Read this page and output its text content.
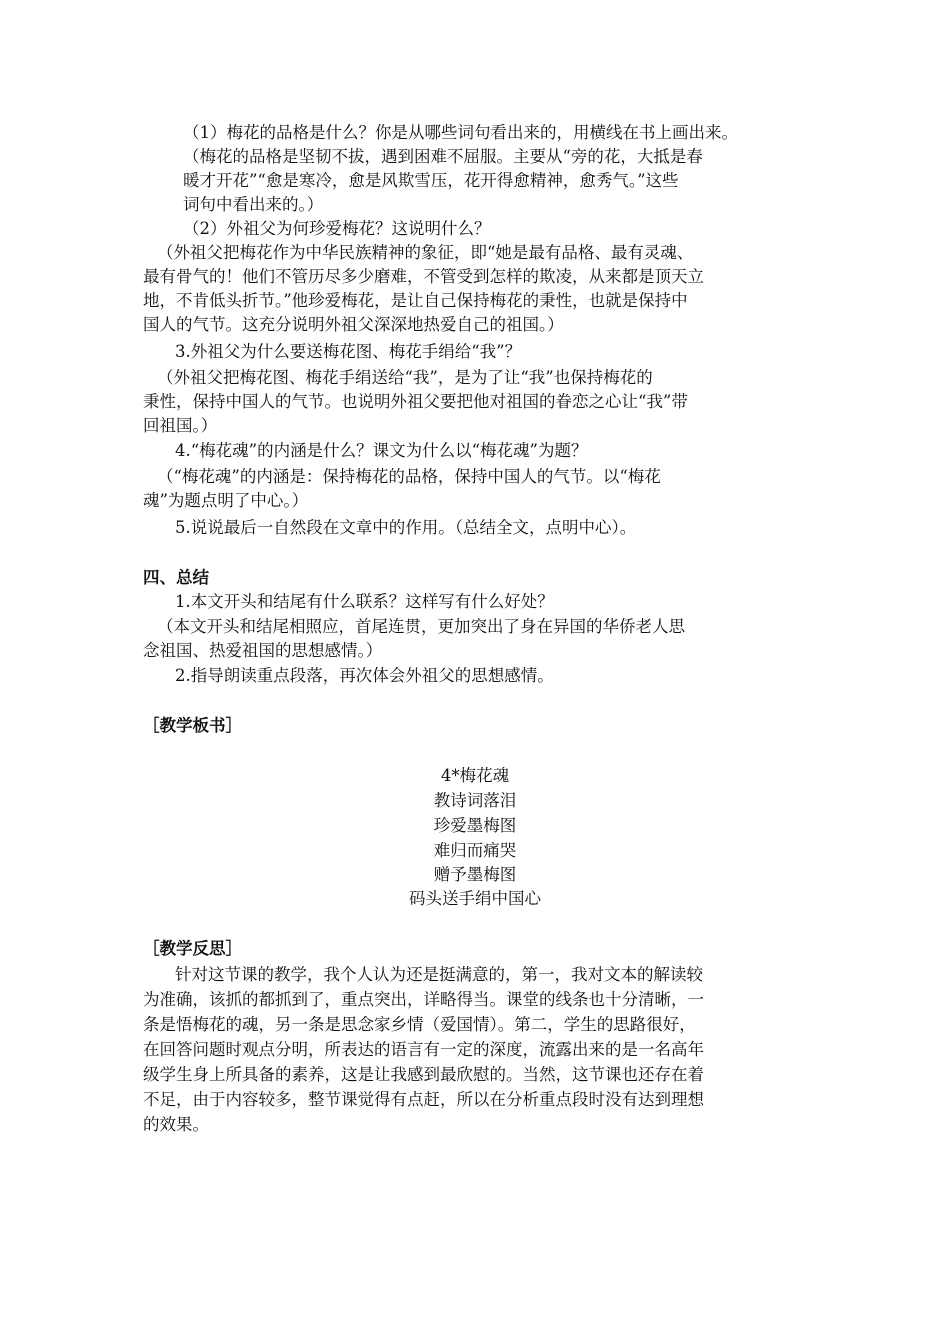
（1）梅花的品格是什么？你是从哪些词句看出来的，用横线在书上画出来。
（梅花的品格是坚韧不拔，遇到困难不屈服。主要从“旁的花，大抵是春
暖才开花”“愈是寒冷，愈是风欺雪压，花开得愈精神，愈秀气。”这些
词句中看出来的。）
（2）外祖父为何珍爱梅花？这说明什么？
（外祖父把梅花作为中华民族精神的象征，即“她是最有品格、最有灵魂、
最有骨气的！他们不管历尽多少磨难，不管受到怎样的欺凌，从来都是顶天立
地，不肯低头折节。”他珍爱梅花，是让自己保持梅花的秉性，也就是保持中
国人的气节。这充分说明外祖父深深地热爱自己的祖国。）
3.外祖父为什么要送梅花图、梅花手绢给“我”？
（外祖父把梅花图、梅花手绢送给“我”，是为了让“我”也保持梅花的
秉性，保持中国人的气节。也说明外祖父要把他对祖国的眷恋之心让“我”带
回祖国。）
4.“梅花魂”的内涵是什么？课文为什么以“梅花魂”为题？
（“梅花魂”的内涵是：保持梅花的品格，保持中国人的气节。以“梅花
魂”为题点明了中心。）
5.说说最后一自然段在文章中的作用。（总结全文，点明中心）。
四、总结
1.本文开头和结尾有什么联系？这样写有什么好处？
（本文开头和结尾相照应，首尾连贯，更加突出了身在异国的华侨老人思
念祖国、热爱祖国的思想感情。）
2.指导朗读重点段落，再次体会外祖父的思想感情。
［教学板书］
4*梅花魂
教诗词落泪
珍爱墨梅图
难归而痛哭
赠予墨梅图
码头送手绢中国心
［教学反思］
针对这节课的教学，我个人认为还是挺满意的，第一，我对文本的解读较
为准确，该抓的都抓到了，重点突出，详略得当。课堂的线条也十分清晰，一
条是悟梅花的魂，另一条是思念家乡情（爱国情）。第二，学生的思路很好，
在回答问题时观点分明，所表达的语言有一定的深度，流露出来的是一名高年
级学生身上所具备的素养，这是让我感到最欣慰的。当然，这节课也还存在着
不足，由于内容较多，整节课觉得有点赶，所以在分析重点段时没有达到理想
的效果。
